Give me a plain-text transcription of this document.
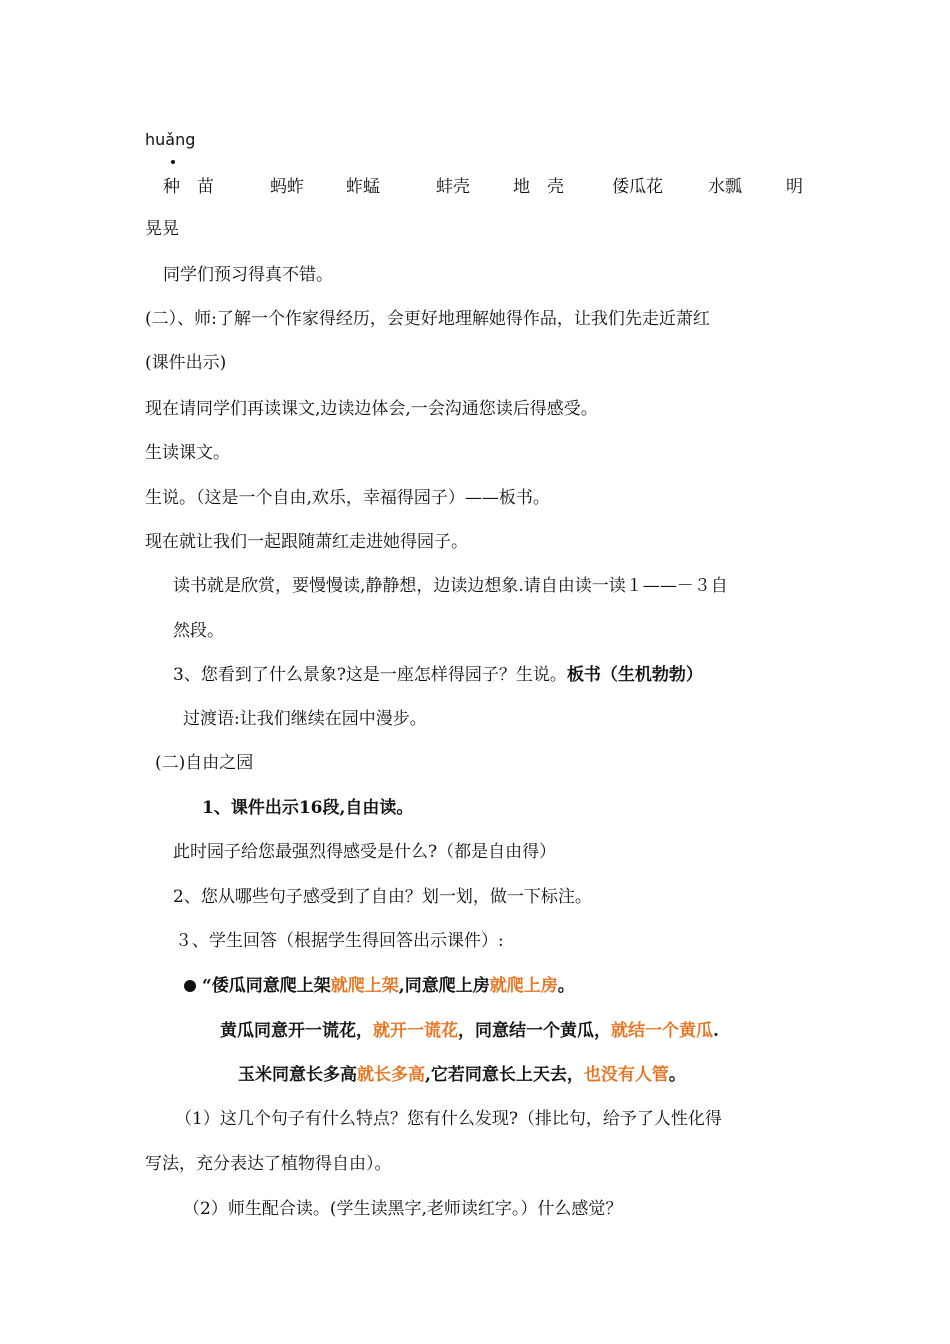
huǎng
种　苗	蚂蚱 蚱蜢	蚌壳	地　壳	倭瓜花	水瓢	明
晃晃
同学们预习得真不错。
(二）、师:了解一个作家得经历，会更好地理解她得作品，让我们先走近萧红
(课件出示)
现在请同学们再读课文,边读边体会,一会沟通您读后得感受。
生读课文。
生说。（这是一个自由,欢乐，幸福得园子）——板书。
现在就让我们一起跟随萧红走进她得园子。
读书就是欣赏，要慢慢读,静静想，边读边想象.请自由读一读１——－３自
然段。
3、您看到了什么景象?这是一座怎样得园子？生说。板书（生机勃勃）
过渡语:让我们继续在园中漫步。
(二)自由之园
1、课件出示16段,自由读。
此时园子给您最强烈得感受是什么?（都是自由得）
2、您从哪些句子感受到了自由？划一划，做一下标注。
３、学生回答（根据学生得回答出示课件）:
“倭瓜同意爬上架就爬上架,同意爬上房就爬上房。
黄瓜同意开一谎花，就开一谎花，同意结一个黄瓜，就结一个黄瓜.
玉米同意长多高就长多高,它若同意长上天去，也没有人管。
（1）这几个句子有什么特点？您有什么发现?（排比句，给予了人性化得
写法，充分表达了植物得自由）。
（2）师生配合读。(学生读黑字,老师读红字。）什么感觉？
